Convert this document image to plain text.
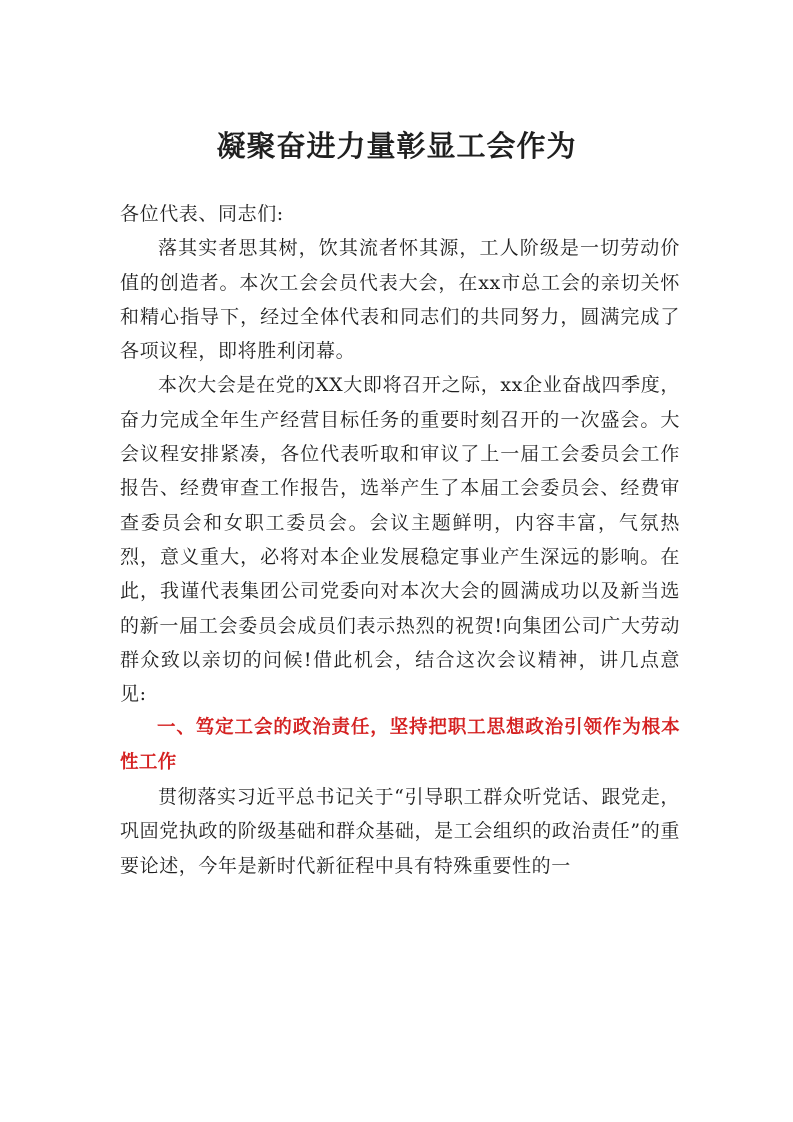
凝聚奋进力量彰显工会作为

各位代表、同志们:

落其实者思其树，饮其流者怀其源，工人阶级是一切劳动价值的创造者。本次工会会员代表大会，在xx市总工会的亲切关怀和精心指导下，经过全体代表和同志们的共同努力，圆满完成了各项议程，即将胜利闭幕。

本次大会是在党的XX大即将召开之际，xx企业奋战四季度，奋力完成全年生产经营目标任务的重要时刻召开的一次盛会。大会议程安排紧凑，各位代表听取和审议了上一届工会委员会工作报告、经费审查工作报告，选举产生了本届工会委员会、经费审查委员会和女职工委员会。会议主题鲜明，内容丰富，气氛热烈，意义重大，必将对本企业发展稳定事业产生深远的影响。在此，我谨代表集团公司党委向对本次大会的圆满成功以及新当选的新一届工会委员会成员们表示热烈的祝贺!向集团公司广大劳动群众致以亲切的问候!借此机会，结合这次会议精神，讲几点意见:

一、笃定工会的政治责任，坚持把职工思想政治引领作为根本性工作

贯彻落实习近平总书记关于“引导职工群众听党话、跟党走，巩固党执政的阶级基础和群众基础，是工会组织的政治责任”的重要论述，今年是新时代新征程中具有特殊重要性的一
